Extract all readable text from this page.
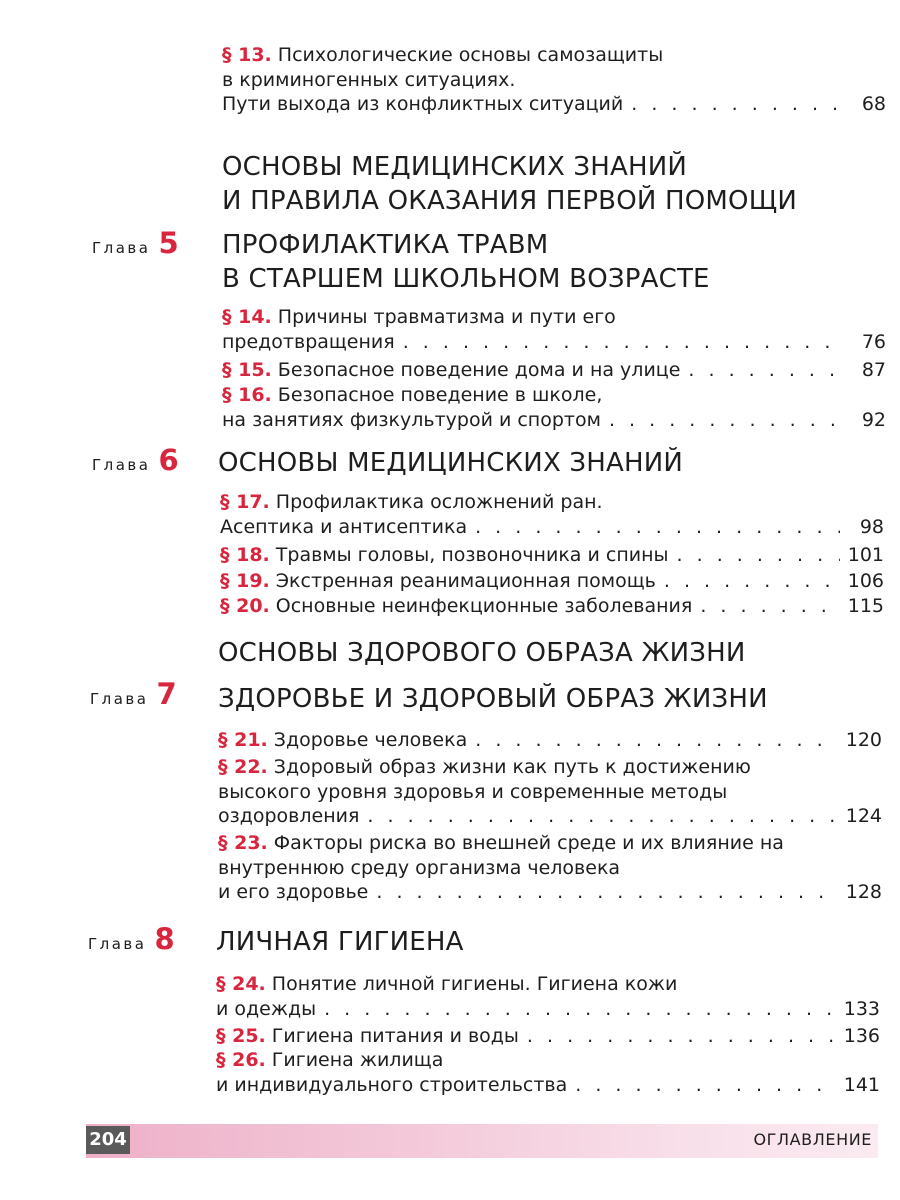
§ 13. Психологические основы самозащиты
в криминогенных ситуациях.
Пути выхода из конфликтных ситуаций . . .	68
ОСНОВЫ МЕДИЦИНСКИХ ЗНАНИЙ
И ПРАВИЛА ОКАЗАНИЯ ПЕРВОЙ ПОМОЩИ
Глава 5 ПРОФИЛАКТИКА ТРАВМ
В СТАРШЕМ ШКОЛЬНОМ ВОЗРАСТЕ
§ 14. Причины травматизма и пути его
предотвращения . . .	76
§ 15. Безопасное поведение дома и на улице . . .	87
§ 16. Безопасное поведение в школе,
на занятиях физкультурой и спортом . . .	92
Глава 6 ОСНОВЫ МЕДИЦИНСКИХ ЗНАНИЙ
§ 17. Профилактика осложнений ран.
Асептика и антисептика . . .	98
§ 18. Травмы головы, позвоночника и спины . . .	101
§ 19. Экстренная реанимационная помощь . . .	106
§ 20. Основные неинфекционные заболевания . . .	115
ОСНОВЫ ЗДОРОВОГО ОБРАЗА ЖИЗНИ
Глава 7 ЗДОРОВЬЕ И ЗДОРОВЫЙ ОБРАЗ ЖИЗНИ
§ 21. Здоровье человека . . .	120
§ 22. Здоровый образ жизни как путь к достижению
высокого уровня здоровья и современные методы
оздоровления . . .	124
§ 23. Факторы риска во внешней среде и их влияние на
внутреннюю среду организма человека
и его здоровье . . .	128
Глава 8 ЛИЧНАЯ ГИГИЕНА
§ 24. Понятие личной гигиены. Гигиена кожи
и одежды . . .	133
§ 25. Гигиена питания и воды . . .	136
§ 26. Гигиена жилища
и индивидуального строительства . . .	141
204	ОГЛАВЛЕНИЕ
